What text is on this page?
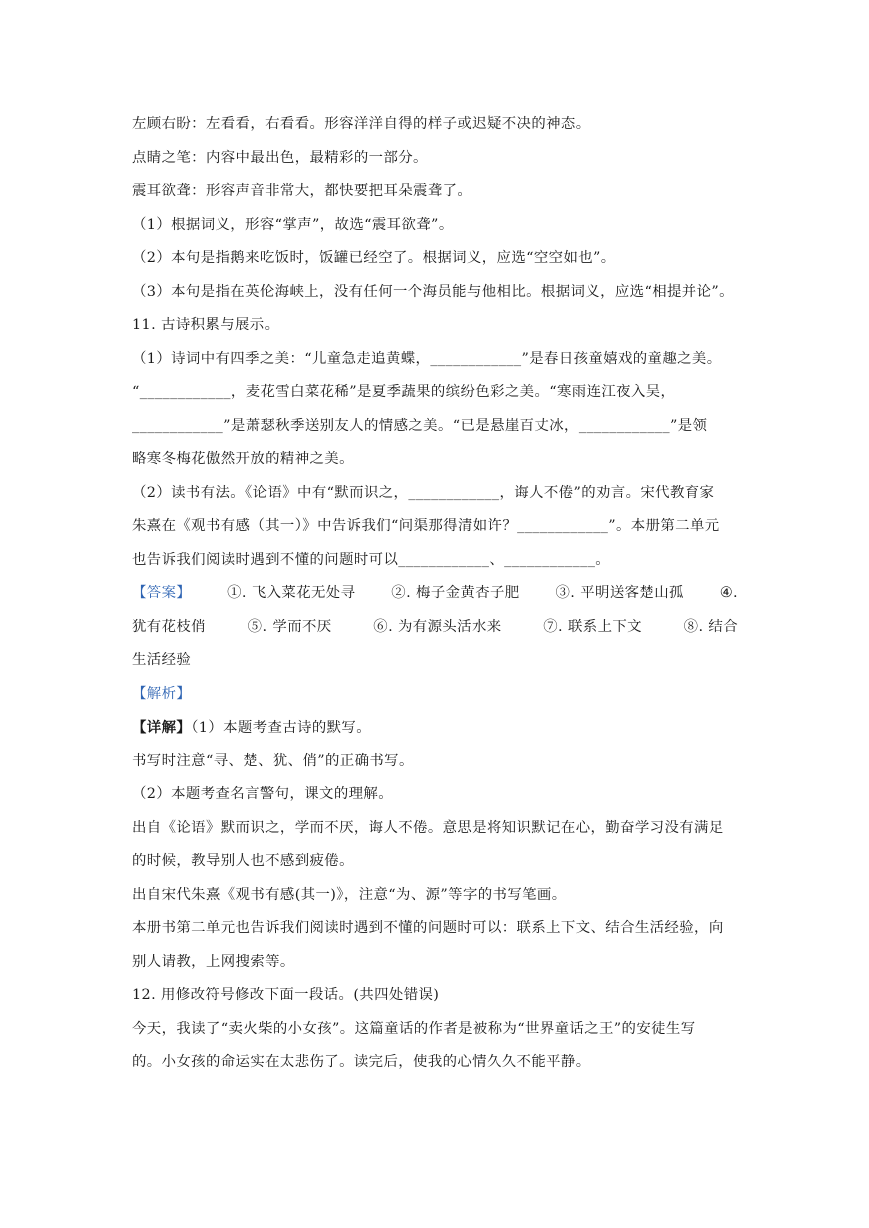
左顾右盼：左看看，右看看。形容洋洋自得的样子或迟疑不决的神态。
点睛之笔：内容中最出色，最精彩的一部分。
震耳欲聋：形容声音非常大，都快要把耳朵震聋了。
（1）根据词义，形容“掌声”，故选“震耳欲聋”。
（2）本句是指鹅来吃饭时，饭罐已经空了。根据词义，应选“空空如也”。
（3）本句是指在英伦海峡上，没有任何一个海员能与他相比。根据词义，应选“相提并论”。
11. 古诗积累与展示。
（1）诗词中有四季之美：“儿童急走追黄蝶，____________”是春日孩童嬉戏的童趣之美。
“____________，麦花雪白菜花稀”是夏季蔬果的缤纷色彩之美。“寒雨连江夜入吴，
____________”是萧瑟秋季送别友人的情感之美。“已是悬崖百丈冰，____________”是领
略寒冬梅花傲然开放的精神之美。
（2）读书有法。《论语》中有“默而识之，____________，诲人不倦”的劝言。宋代教育家
朱熹在《观书有感（其一）》中告诉我们“问渠那得清如许？____________”。本册第二单元
也告诉我们阅读时遇到不懂的问题时可以____________、____________。
【答案】 ①. 飞入菜花无处寻 ②. 梅子金黄杏子肥 ③. 平明送客楚山孤 ④.
犹有花枝俏	⑤. 学而不厌	⑥. 为有源头活水来	⑦. 联系上下文	⑧. 结合
生活经验
【解析】
【详解】（1）本题考查古诗的默写。
书写时注意“寻、楚、犹、俏”的正确书写。
（2）本题考查名言警句，课文的理解。
出自《论语》默而识之，学而不厌，诲人不倦。意思是将知识默记在心，勤奋学习没有满足
的时候，教导别人也不感到疲倦。
出自宋代朱熹《观书有感(其一)》，注意“为、源”等字的书写笔画。
本册书第二单元也告诉我们阅读时遇到不懂的问题时可以：联系上下文、结合生活经验，向
别人请教，上网搜索等。
12. 用修改符号修改下面一段话。(共四处错误)
今天，我读了“卖火柴的小女孩”。这篇童话的作者是被称为“世界童话之王”的安徒生写
的。小女孩的命运实在太悲伤了。读完后，使我的心情久久不能平静。
